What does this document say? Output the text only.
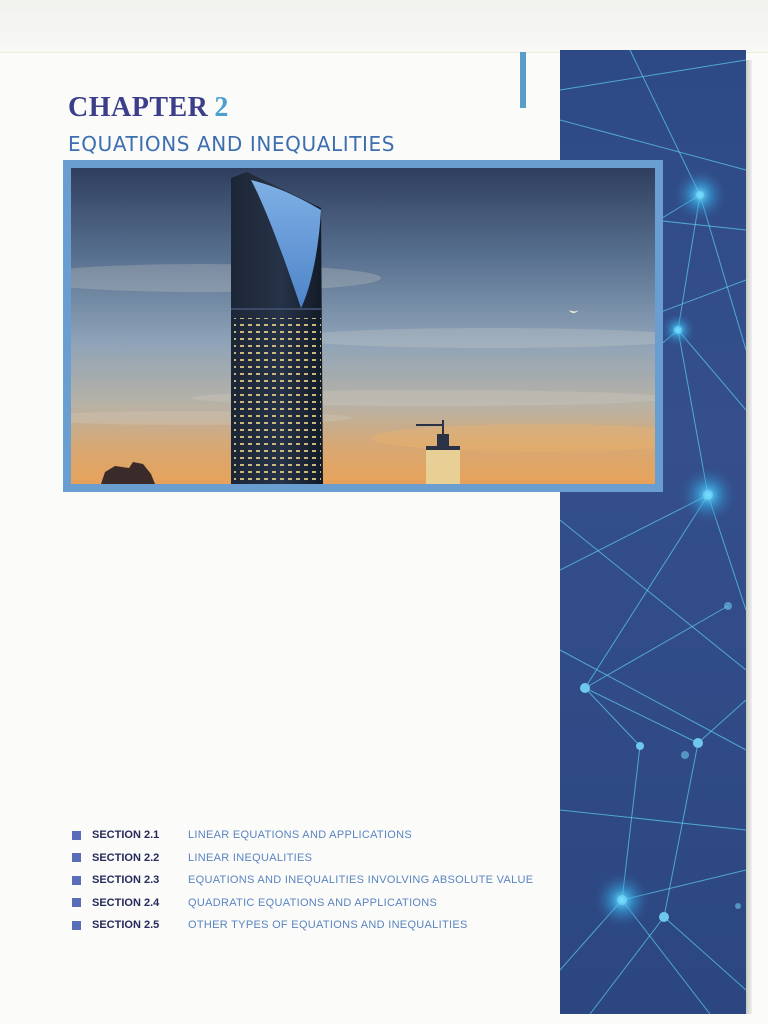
CHAPTER 2
EQUATIONS AND INEQUALITIES
SECTION 2.1	LINEAR EQUATIONS AND APPLICATIONS
SECTION 2.2	LINEAR INEQUALITIES
SECTION 2.3	EQUATIONS AND INEQUALITIES INVOLVING ABSOLUTE VALUE
SECTION 2.4	QUADRATIC EQUATIONS AND APPLICATIONS
SECTION 2.5	OTHER TYPES OF EQUATIONS AND INEQUALITIES
